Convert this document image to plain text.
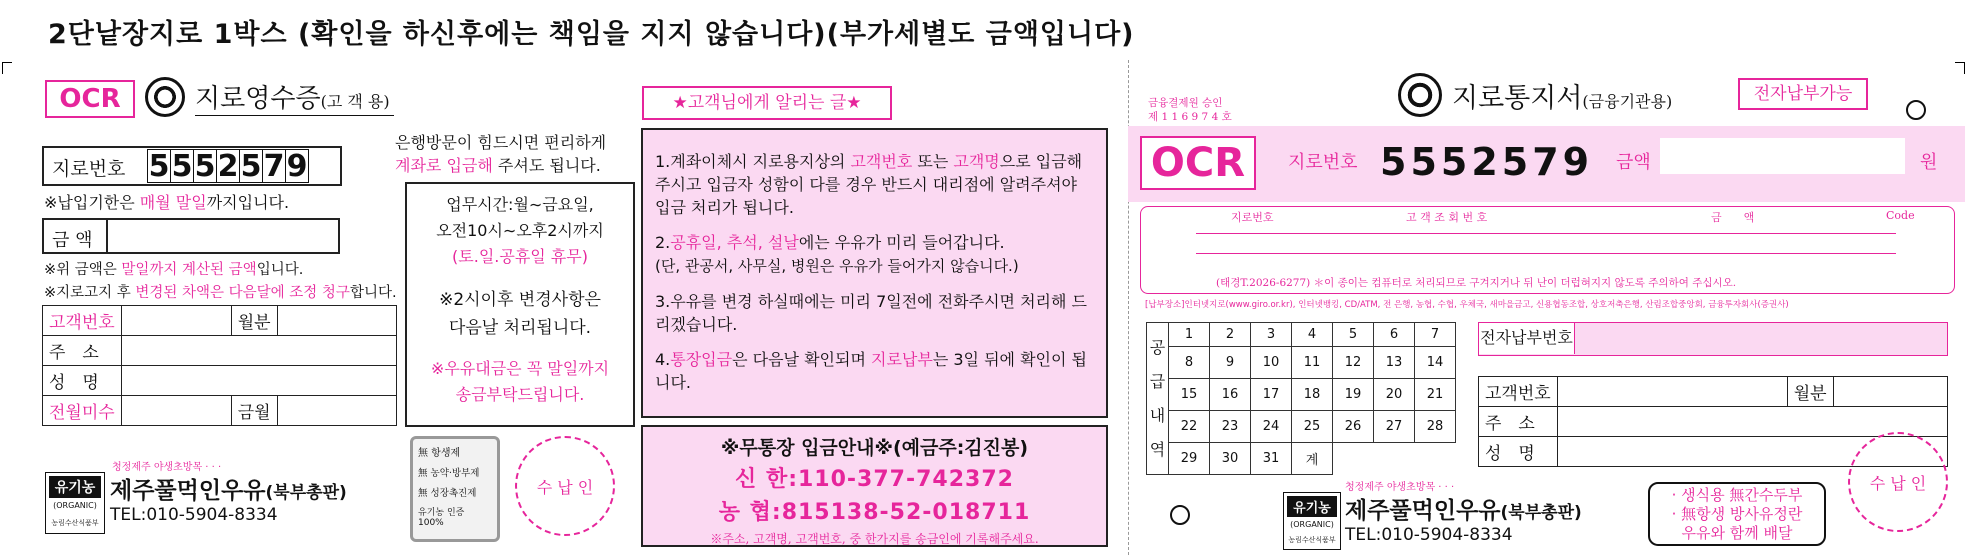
2단낱장지로 1박스 (확인을 하신후에는 책임을 지지 않습니다)(부가세별도 금액입니다)
OCR	지로영수증(고 객 용)
지로번호 5552579
※납입기한은 매월 말일까지입니다.
금 액
※위 금액은 말일까지 계산된 금액입니다.
※지로고지 후 변경된 차액은 다음달에 조정 청구합니다.
고객번호		월분	
주　소			
성　명			
전월미수		금월	
청정제주 야생초방목 · · ·
유기농
(ORGANIC)
농림수산식품부
제주풀먹인우유(북부총판)
TEL:010-5904-8334
은행방문이 힘드시면 편리하게
계좌로 입금해 주셔도 됩니다.
업무시간:월∼금요일,
오전10시∼오후2시까지
(토.일.공휴일 휴무)
※2시이후 변경사항은
다음날 처리됩니다.
※우유대금은 꼭 말일까지
송금부탁드립니다.
無 항생제
無 농약·방부제
無 성장촉진제
유기농 인증 100%
수 납 인
★고객님에게 알리는 글★
1.계좌이체시 지로용지상의 고객번호 또는 고객명으로 입금해 주시고 입금자 성함이 다를 경우 반드시 대리점에 알려주셔야 입금 처리가 됩니다.
2.공휴일, 추석, 설날에는 우유가 미리 들어갑니다.
(단, 관공서, 사무실, 병원은 우유가 들어가지 않습니다.)
3.우유를 변경 하실때에는 미리 7일전에 전화주시면 처리해 드리겠습니다.
4.통장입금은 다음날 확인되며 지로납부는 3일 뒤에 확인이 됩니다.
※무통장 입금안내※(예금주:김진봉)
신 한:110-377-742372
농 협:815138-52-018711
※주소, 고객명, 고객번호, 중 한가지를 송금인에 기록해주세요.
금융결제원 승인
제 1 1 6 9 7 4 호
지로통지서(금융기관용)	전자납부가능
OCR	지로번호 5552579 금액	원
지로번호	고 객 조 회 번 호	금　　액	Code
(태경T.2026-6277) ＊이 종이는 컴퓨터로 처리되므로 구겨지거나 뒤 난이 더럽혀지지 않도록 주의하여 주십시오.
[납부장소]인터넷지로(www.giro.or.kr), 인터넷뱅킹, CD/ATM, 전 은행, 농협, 수협, 우체국, 새마을금고, 신용협동조합, 상호저축은행, 산림조합중앙회, 금융투자회사(증권사)
공
급
내
역	1	2	3	4	5	6	7
	8	9	10	11	12	13	14
	15	16	17	18	19	20	21
	22	23	24	25	26	27	28
	29	30	31	계			
전자납부번호
고객번호		월분	
주　소			
성　명			
수 납 인
청정제주 야생초방목 · · ·
유기농
(ORGANIC)
농림수산식품부
제주풀먹인우유(북부총판)
TEL:010-5904-8334
· 생식용 無간수두부
· 無항생 방사유정란
우유와 함께 배달
